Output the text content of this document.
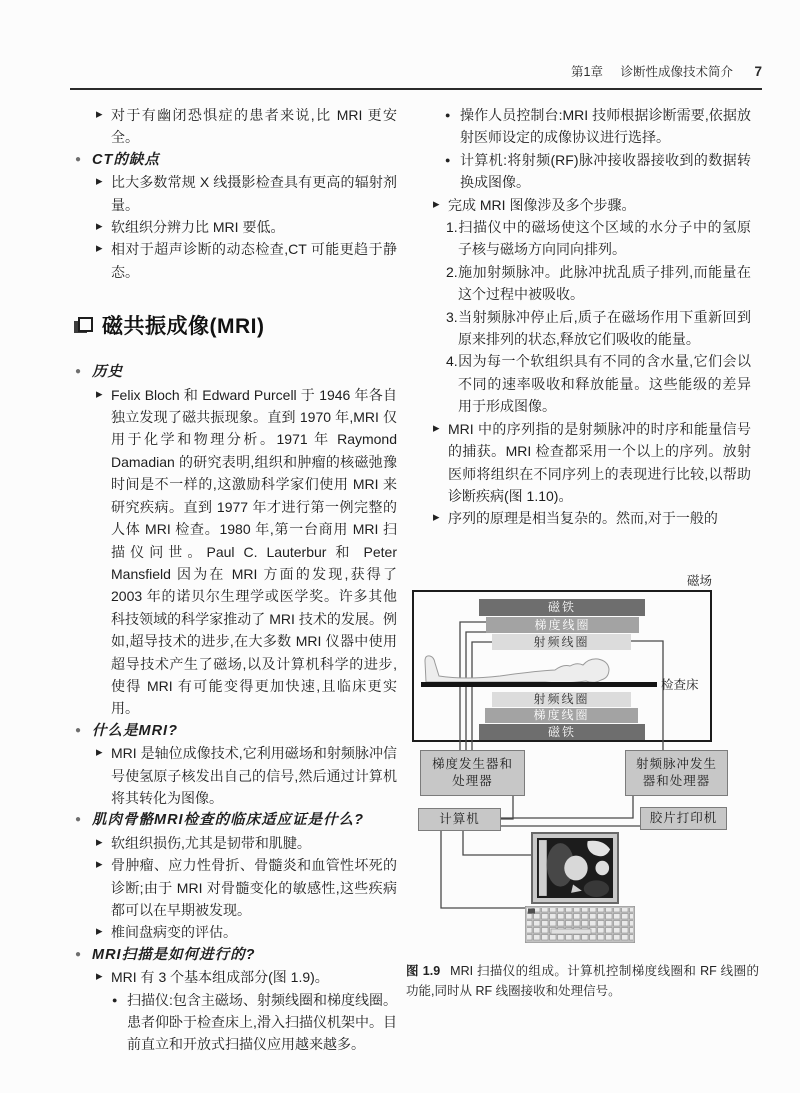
第1章 诊断性成像技术简介 7
▸ 对于有幽闭恐惧症的患者来说,比 MRI 更安全。
● CT的缺点
▸ 比大多数常规 X 线摄影检查具有更高的辐射剂量。
▸ 软组织分辨力比 MRI 要低。
▸ 相对于超声诊断的动态检查,CT 可能更趋于静态。
磁共振成像(MRI)
● 历史
▸ Felix Bloch 和 Edward Purcell 于 1946 年各自独立发现了磁共振现象。直到 1970 年,MRI 仅用于化学和物理分析。1971 年 Raymond Damadian 的研究表明,组织和肿瘤的核磁弛豫时间是不一样的,这激励科学家们使用 MRI 来研究疾病。直到 1977 年才进行第一例完整的人体 MRI 检查。1980 年,第一台商用 MRI 扫描仪问世。Paul C. Lauterbur 和 Peter Mansfield 因为在 MRI 方面的发现,获得了 2003 年的诺贝尔生理学或医学奖。许多其他科技领域的科学家推动了 MRI 技术的发展。例如,超导技术的进步,在大多数 MRI 仪器中使用超导技术产生了磁场,以及计算机科学的进步,使得 MRI 有可能变得更加快速,且临床更实用。
● 什么是MRI?
▸ MRI 是轴位成像技术,它利用磁场和射频脉冲信号使氢原子核发出自己的信号,然后通过计算机将其转化为图像。
● 肌肉骨骼MRI检查的临床适应证是什么?
▸ 软组织损伤,尤其是韧带和肌腱。
▸ 骨肿瘤、应力性骨折、骨髓炎和血管性坏死的诊断;由于 MRI 对骨髓变化的敏感性,这些疾病都可以在早期被发现。
▸ 椎间盘病变的评估。
● MRI扫描是如何进行的?
▸ MRI 有 3 个基本组成部分(图 1.9)。
● 扫描仪:包含主磁场、射频线圈和梯度线圈。患者仰卧于检查床上,滑入扫描仪机架中。目前直立和开放式扫描仪应用越来越多。
● 操作人员控制台:MRI 技师根据诊断需要,依据放射医师设定的成像协议进行选择。
● 计算机:将射频(RF)脉冲接收器接收到的数据转换成图像。
▸ 完成 MRI 图像涉及多个步骤。
1.扫描仪中的磁场使这个区域的水分子中的氢原子核与磁场方向同向排列。
2.施加射频脉冲。此脉冲扰乱质子排列,而能量在这个过程中被吸收。
3.当射频脉冲停止后,质子在磁场作用下重新回到原来排列的状态,释放它们吸收的能量。
4.因为每一个软组织具有不同的含水量,它们会以不同的速率吸收和释放能量。这些能级的差异用于形成图像。
▸ MRI 中的序列指的是射频脉冲的时序和能量信号的捕获。MRI 检查都采用一个以上的序列。放射医师将组织在不同序列上的表现进行比较,以帮助诊断疾病(图 1.10)。
▸ 序列的原理是相当复杂的。然而,对于一般的
磁场
磁铁
梯度线圈
射频线圈
射频线圈
梯度线圈
磁铁
检查床
梯度发生器和
处理器
射频脉冲发生
器和处理器
计算机	胶片打印机
图 1.9 MRI 扫描仪的组成。计算机控制梯度线圈和 RF 线圈的功能,同时从 RF 线圈接收和处理信号。
